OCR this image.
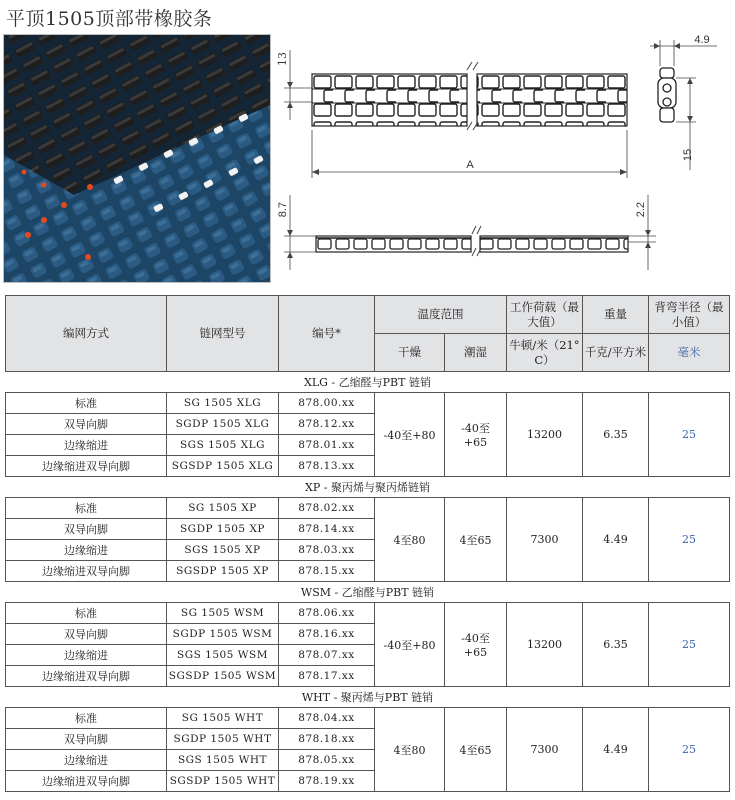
平顶1505顶部带橡胶条
13
A
4.9
15
8.7	2.2
编网方式	链网型号	编号*	温度范围		工作荷载（最大值）	重量	背弯半径（最小值）
			干燥	潮湿	牛顿/米（21° C）	千克/平方米	毫米
XLG - 乙缩醛与PBT 链销							
标准	SG 1505 XLG	878.00.xx	-40至+80	-40至+65	13200	6.35	25
双导向脚	SGDP 1505 XLG	878.12.xx					
边缘缩进	SGS 1505 XLG	878.01.xx					
边缘缩进双导向脚	SGSDP 1505 XLG	878.13.xx					
XP - 聚丙烯与聚丙烯链销							
标准	SG 1505 XP	878.02.xx	4至80	4至65	7300	4.49	25
双导向脚	SGDP 1505 XP	878.14.xx					
边缘缩进	SGS 1505 XP	878.03.xx					
边缘缩进双导向脚	SGSDP 1505 XP	878.15.xx					
WSM - 乙缩醛与PBT 链销							
标准	SG 1505 WSM	878.06.xx	-40至+80	-40至+65	13200	6.35	25
双导向脚	SGDP 1505 WSM	878.16.xx					
边缘缩进	SGS 1505 WSM	878.07.xx					
边缘缩进双导向脚	SGSDP 1505 WSM	878.17.xx					
WHT - 聚丙烯与PBT 链销							
标准	SG 1505 WHT	878.04.xx	4至80	4至65	7300	4.49	25
双导向脚	SGDP 1505 WHT	878.18.xx					
边缘缩进	SGS 1505 WHT	878.05.xx					
边缘缩进双导向脚	SGSDP 1505 WHT	878.19.xx					
